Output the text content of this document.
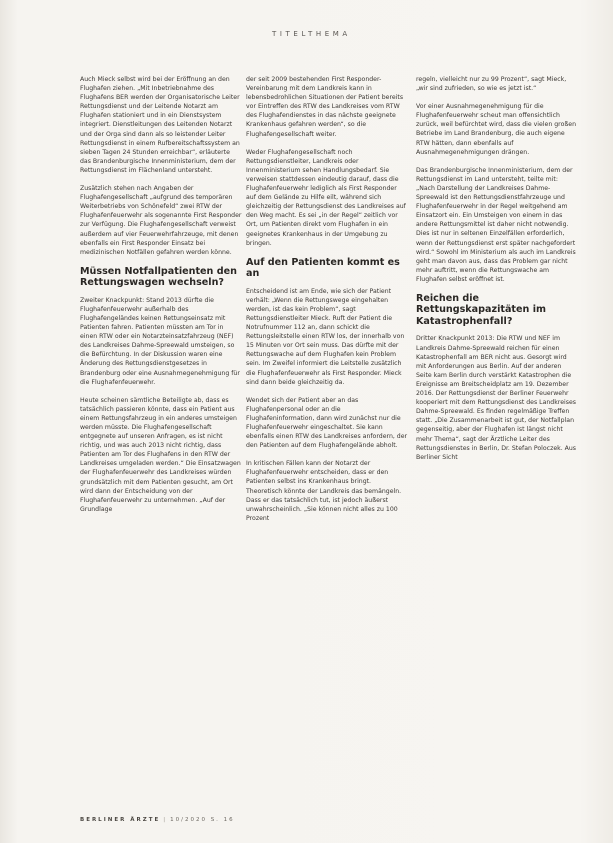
TITELTHEMA

Auch Mieck selbst wird bei der Eröffnung an den Flughafen ziehen. „Mit Inbetriebnahme des Flughafens BER werden der Organisatorische Leiter Rettungsdienst und der Leitende Notarzt am Flughafen stationiert und in ein Dienstsystem integriert. Dienstleitungen des Leitenden Notarzt und der Orga sind dann als so leistender Leiter Rettungsdienst in einem Rufbereitschaftssystem an sieben Tagen 24 Stunden erreichbar“, erläuterte das Brandenburgische Innenministerium, dem der Rettungsdienst im Flächenland untersteht.

Zusätzlich stehen nach Angaben der Flughafengesellschaft „aufgrund des temporären Weiterbetriebs von Schönefeld“ zwei RTW der Flughafenfeuerwehr als sogenannte First Responder zur Verfügung. Die Flughafengesellschaft verweist außerdem auf vier Feuerwehrfahrzeuge, mit denen ebenfalls ein First Responder Einsatz bei medizinischen Notfällen gefahren werden könne.

Müssen Notfallpatienten den Rettungswagen wechseln?

Zweiter Knackpunkt: Stand 2013 dürfte die Flughafenfeuerwehr außerhalb des Flughafengeländes keinen Rettungseinsatz mit Patienten fahren. Patienten müssten am Tor in einen RTW oder ein Notarzteinsatzfahrzeug (NEF) des Landkreises Dahme-Spreewald umsteigen, so die Befürchtung. In der Diskussion waren eine Änderung des Rettungsdienstgesetzes in Brandenburg oder eine Ausnahmegenehmigung für die Flughafenfeuerwehr.

Heute scheinen sämtliche Beteiligte ab, dass es tatsächlich passieren könnte, dass ein Patient aus einem Rettungsfahrzeug in ein anderes umsteigen werden müsste. Die Flughafengesellschaft entgegnete auf unseren Anfragen, es ist nicht richtig, und was auch 2013 nicht richtig, dass Patienten am Tor des Flughafens in den RTW der Landkreises umgeladen werden.“ Die Einsatzwagen der Flughafenfeuerwehr des Landkreises würden grundsätzlich mit dem Patienten gesucht, am Ort wird dann der Entscheidung von der Flughafenfeuerwehr zu unternehmen. „Auf der Grundlage

der seit 2009 bestehenden First Responder-Vereinbarung mit dem Landkreis kann in lebensbedrohlichen Situationen der Patient bereits vor Eintreffen des RTW des Landkreises vom RTW des Flughafendienstes in das nächste geeignete Krankenhaus gefahren werden“, so die Flughafengesellschaft weiter.

Weder Flughafengesellschaft noch Rettungsdienstleiter, Landkreis oder Innenministerium sehen Handlungsbedarf. Sie verweisen stattdessen eindeutig darauf, dass die Flughafenfeuerwehr lediglich als First Responder auf dem Gelände zu Hilfe eilt, während sich gleichzeitig der Rettungsdienst des Landkreises auf den Weg macht. Es sei „in der Regel“ zeitlich vor Ort, um Patienten direkt vom Flughafen in ein geeignetes Krankenhaus in der Umgebung zu bringen.

Auf den Patienten kommt es an

Entscheidend ist am Ende, wie sich der Patient verhält: „Wenn die Rettungswege eingehalten werden, ist das kein Problem“, sagt Rettungsdienstleiter Mieck. Ruft der Patient die Notrufnummer 112 an, dann schickt die Rettungsleitstelle einen RTW los, der innerhalb von 15 Minuten vor Ort sein muss. Das dürfte mit der Rettungswache auf dem Flughafen kein Problem sein. Im Zweifel informiert die Leitstelle zusätzlich die Flughafenfeuerwehr als First Responder. Mieck sind dann beide gleichzeitig da.

Wendet sich der Patient aber an das Flughafenpersonal oder an die Flughafeninformation, dann wird zunächst nur die Flughafenfeuerwehr eingeschaltet. Sie kann ebenfalls einen RTW des Landkreises anfordern, der den Patienten auf dem Flughafengelände abholt.

In kritischen Fällen kann der Notarzt der Flughafenfeuerwehr entscheiden, dass er den Patienten selbst ins Krankenhaus bringt. Theoretisch könnte der Landkreis das bemängeln. Dass er das tatsächlich tut, ist jedoch äußerst unwahrscheinlich. „Sie können nicht alles zu 100 Prozent

regeln, vielleicht nur zu 99 Prozent“, sagt Mieck, „wir sind zufrieden, so wie es jetzt ist.“

Vor einer Ausnahmegenehmigung für die Flughafenfeuerwehr scheut man offensichtlich zurück, weil befürchtet wird, dass die vielen großen Betriebe im Land Brandenburg, die auch eigene RTW hätten, dann ebenfalls auf Ausnahmegenehmigungen drängen.

Das Brandenburgische Innenministerium, dem der Rettungsdienst im Land untersteht, teilte mit: „Nach Darstellung der Landkreises Dahme-Spreewald ist den Rettungsdienstfahrzeuge und Flughafenfeuerwehr in der Regel weitgehend am Einsatzort ein. Ein Umsteigen von einem in das andere Rettungsmittel ist daher nicht notwendig. Dies ist nur in seltenen Einzelfällen erforderlich, wenn der Rettungsdienst erst später nachgefordert wird.“ Sowohl im Ministerium als auch im Landkreis geht man davon aus, dass das Problem gar nicht mehr auftritt, wenn die Rettungswache am Flughafen selbst eröffnet ist.

Reichen die Rettungskapazitäten im Katastrophenfall?

Dritter Knackpunkt 2013: Die RTW und NEF im Landkreis Dahme-Spreewald reichen für einen Katastrophenfall am BER nicht aus. Gesorgt wird mit Anforderungen aus Berlin. Auf der anderen Seite kam Berlin durch verstärkt Katastrophen die Ereignisse am Breitscheidplatz am 19. Dezember 2016. Der Rettungsdienst der Berliner Feuerwehr kooperiert mit dem Rettungsdienst des Landkreises Dahme-Spreewald. Es finden regelmäßige Treffen statt. „Die Zusammenarbeit ist gut, der Notfallplan gegenseitig, aber der Flughafen ist längst nicht mehr Thema“, sagt der Ärztliche Leiter des Rettungsdienstes in Berlin, Dr. Stefan Poloczek. Aus Berliner Sicht

BERLINER ÄRZTE | 10/2020 S. 16
